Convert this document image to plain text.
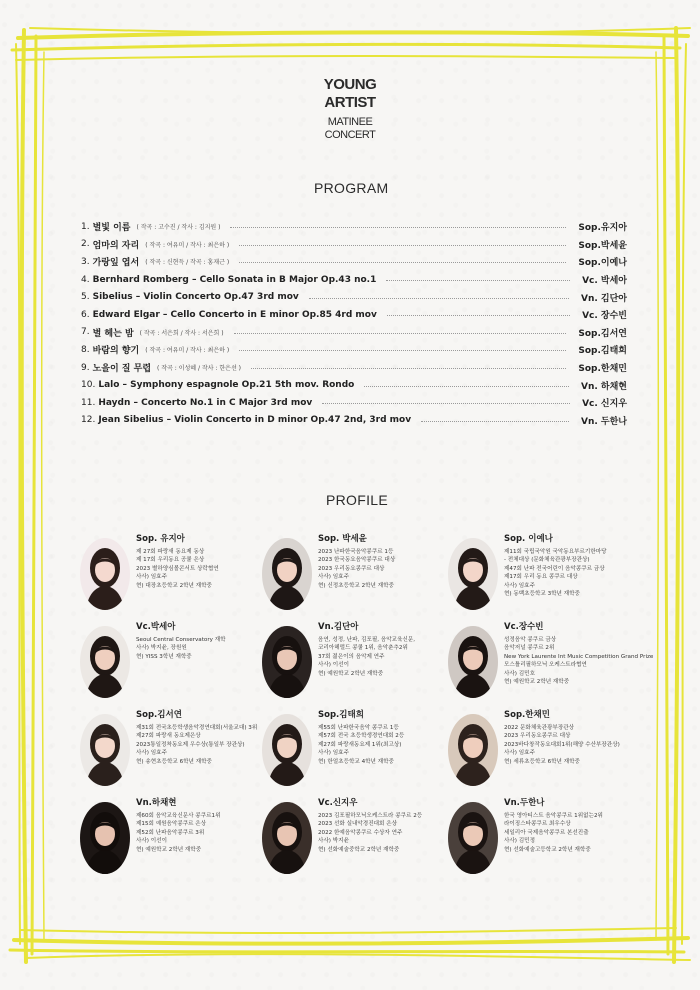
YOUNG

ARTIST

MATINEE
CONCERT
PROGRAM
1. 별빛 이름 ( 작곡 : 고수진 / 작사 : 김지원 )	Sop.유지아
2. 엄마의 자리 ( 작곡 : 여유미 / 작사 : 최은하 )	Sop.박세윤
3. 가랑잎 엽서 ( 작곡 : 신현득 / 작곡 : 홍재근 )	Sop.이예나
4. Bernhard Romberg – Cello Sonata in B Major Op.43 no.1	Vc. 박세아
5. Sibelius – Violin Concerto Op.47 3rd mov	Vn. 김단아
6. Edward Elgar – Cello Concerto in E minor Op.85 4rd mov	Vc. 장수빈
7. 별 헤는 밤 ( 작곡 : 서은희 / 작사 : 서은희 )	Sop.김서연
8. 바람의 향기 ( 작곡 : 여유미 / 작사 : 최은하 )	Sop.김태희
9. 노을이 질 무렵 ( 작곡 : 이성혜 / 작사 : 한은선 )	Sop.한채민
10. Lalo – Symphony espagnole Op.21 5th mov. Rondo	Vn. 하채현
11. Haydn – Concerto No.1 in C Major 3rd mov	Vc. 신지우
12. Jean Sibelius – Violin Concerto in D minor Op.47 2nd, 3rd mov	Vn. 두한나
PROFILE
Sop. 유지아
제 27회 파랑새 동요제 동상
제 17회 우리동요 공쿨 은상
2023 별하양심볼콘서트 상락협연
사사) 임효주
현) 대장초등학교 2학년 재학중
Sop. 박세윤
2023 난파한국음악콩쿠르 1등
2023 한국동요음악콩쿠르 대상
2023 우리동요콩쿠르 대상
사사) 임효주
현) 신정초등학교 2학년 재학중
Sop. 이예나
제11회 국립국악원 국악동요부르기한마당
- 전체대상 (문화체육관광부장관상)
제47회 난파 전국어린이 음악콩쿠르 금상
제17회 우리 동요 콩쿠르 대상
사사) 임효주
현) 동백초등학교 3학년 재학중
Vc.박세아
Seoul Central Conservatory 재학
사사) 박지윤, 장원원
현) YISS 3학년 재학중
Vn.김단아
음연, 성정, 난파, 김포필, 음악교육신문,
코리아헤럴드 콩쿨 1위, 음악춘추2위
37회 젊은이의 음악제 연주
사사) 이선이
현) 예원학교 2학년 재학중
Vc.장수빈
성정음악 콩쿠르 금상
음악저널 콩쿠르 2위
New York Laurente Int Music Competition Grand Prize
모스틀리필하모닉 오케스트라협연
사사) 김민호
현) 예원학교 2학년 재학중
Sop.김서연
제31회 전국초등학생음악경연대회(서울교대) 3위
제27회 파랑새 동요제은상
2023통일정착동요제 우수상(통일부 장관상)
사사) 임효주
현) 송현초등학교 6학년 재학중
Sop.김태희
제55회 난파한국음악 콩쿠르 1등
제57회 전국 초등학생경연대회 2등
제27회 파랑새동요제 1위(최고상)
사사) 임효주
현) 한얼초등학교 4학년 재학중
Sop.한채민
2022 문화체육관광부장관상
2023 우리동요콩쿠르 대상
2023바다창작동요대회1위(해양 수산부장관상)
사사) 임효주
현) 세류초등학교 6학년 재학중
Vn.하채현
제60회 음악교육신문사 콩쿠르1위
제15회 예원음악콩쿠르 은상
제52회 난파음악콩쿠르 3위
사사) 이선이
현) 예원학교 2학년 재학중
Vc.신지우
2023 김포필하모닉오케스트라 콩쿠르 2등
2023 선화 실내악경진대회 은상
2022 한예음악콩쿠르 수상자 연주
사사) 박지윤
현) 선화예술중학교 2학년 재학중
Vn.두한나
한국 영아티스트 음악콩쿠르 1위없는2위
라이징스타콩쿠르 최우수상
세일리아 국제음악콩쿠르 본선진출
사사) 김민정
현) 선화예술고등학교 2학년 재학중
